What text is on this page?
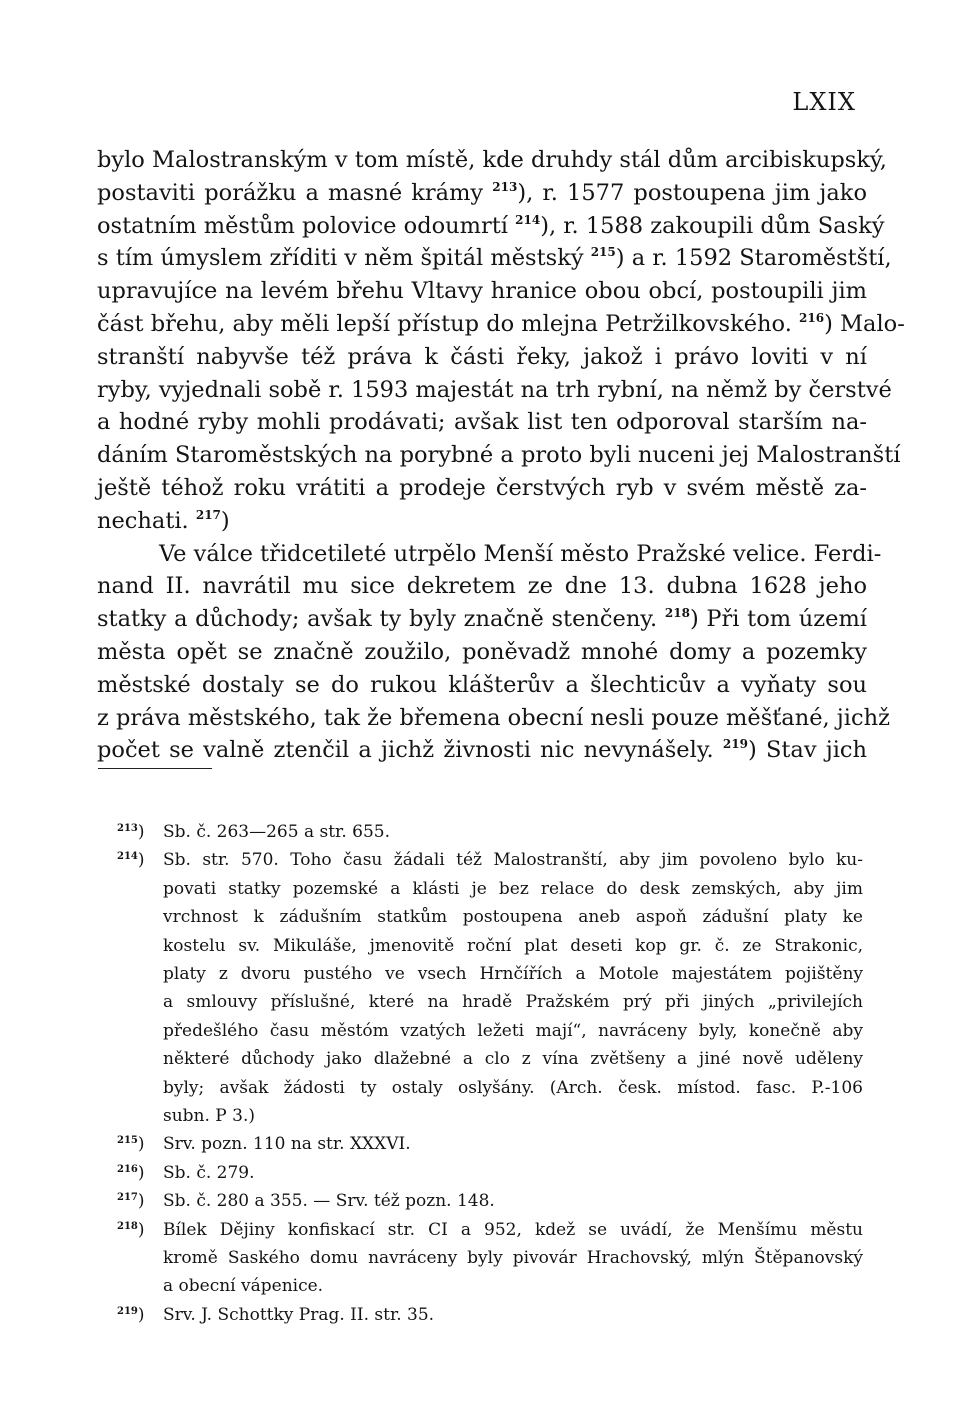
LXIX
bylo Malostranským v tom místě, kde druhdy stál dům arcibiskupský,
postaviti porážku a masné krámy $^{213}$), r. 1577 postoupena jim jako
ostatním městům polovice odoumrtí $^{214}$), r. 1588 zakoupili dům Saský
s tím úmyslem zříditi v něm špitál městský $^{215}$) a r. 1592 Staroměstští,
upravujíce na levém břehu Vltavy hranice obou obcí, postoupili jim
část břehu, aby měli lepší přístup do mlejna Petržilkovského. $^{216}$) Malo-
stranští nabyvše též práva k části řeky, jakož i právo loviti v ní
ryby, vyjednali sobě r. 1593 majestát na trh rybní, na němž by čerstvé
a hodné ryby mohli prodávati; avšak list ten odporoval starším na-
dáním Staroměstských na porybné a proto byli nuceni jej Malostranští
ještě téhož roku vrátiti a prodeje čerstvých ryb v svém městě za-
nechati. $^{217}$)
Ve válce třidcetileté utrpělo Menší město Pražské velice. Ferdi-
nand II. navrátil mu sice dekretem ze dne 13. dubna 1628 jeho
statky a důchody; avšak ty byly značně stenčeny. $^{218}$) Při tom území
města opět se značně zoužilo, poněvadž mnohé domy a pozemky
městské dostaly se do rukou klášterův a šlechticův a vyňaty sou
z práva městského, tak že břemena obecní nesli pouze měšťané, jichž
počet se valně ztenčil a jichž živnosti nic nevynášely. $^{219}$) Stav jich
$^{213}$)	Sb. č. 263—265 a str. 655.
$^{214}$)	Sb. str. 570. Toho času žádali též Malostranští, aby jim povoleno bylo ku-
povati statky pozemské a klásti je bez relace do desk zemských, aby jim
vrchnost k zádušním statkům postoupena aneb aspoň zádušní platy ke
kostelu sv. Mikuláše, jmenovitě roční plat deseti kop gr. č. ze Strakonic,
platy z dvoru pustého ve vsech Hrnčířích a Motole majestátem pojištěny
a smlouvy příslušné, které na hradě Pražském prý při jiných „privilejích
předešlého času městóm vzatých ležeti mají“, navráceny byly, konečně aby
některé důchody jako dlažebné a clo z vína zvětšeny a jiné nově uděleny
byly; avšak žádosti ty ostaly oslyšány. (Arch. česk. místod. fasc. P.-106
subn. P 3.)
$^{215}$)	Srv. pozn. 110 na str. XXXVI.
$^{216}$)	Sb. č. 279.
$^{217}$)	Sb. č. 280 a 355. — Srv. též pozn. 148.
$^{218}$)	Bílek Dějiny konfiskací str. CI a 952, kdež se uvádí, že Menšímu městu
kromě Saského domu navráceny byly pivovár Hrachovský, mlýn Štěpanovský
a obecní vápenice.
$^{219}$)	Srv. J. Schottky Prag. II. str. 35.
